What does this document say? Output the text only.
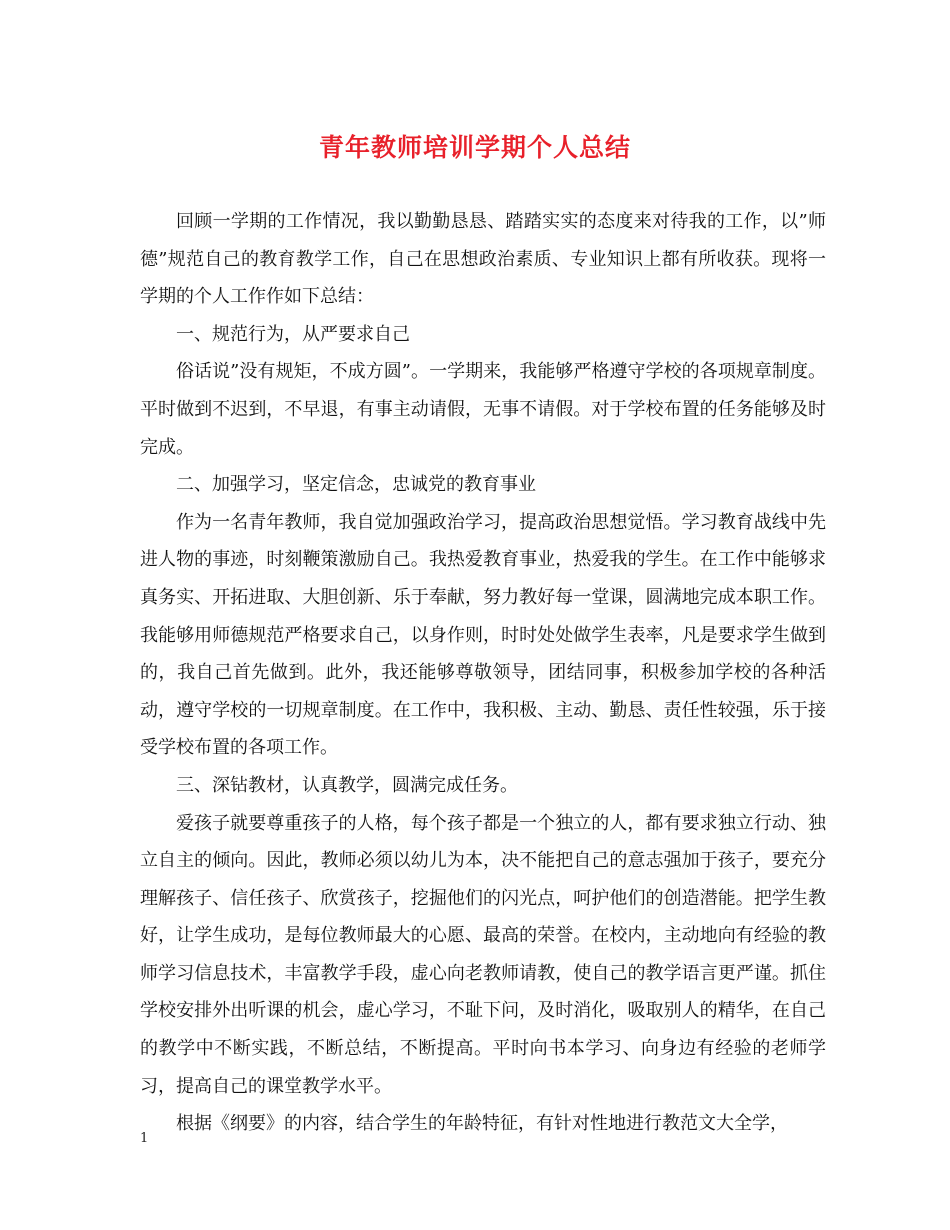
青年教师培训学期个人总结

回顾一学期的工作情况，我以勤勤恳恳、踏踏实实的态度来对待我的工作，以”师德”规范自己的教育教学工作，自己在思想政治素质、专业知识上都有所收获。现将一学期的个人工作作如下总结：

一、规范行为，从严要求自己

俗话说”没有规矩，不成方圆”。一学期来，我能够严格遵守学校的各项规章制度。平时做到不迟到，不早退，有事主动请假，无事不请假。对于学校布置的任务能够及时完成。

二、加强学习，坚定信念，忠诚党的教育事业

作为一名青年教师，我自觉加强政治学习，提高政治思想觉悟。学习教育战线中先进人物的事迹，时刻鞭策激励自己。我热爱教育事业，热爱我的学生。在工作中能够求真务实、开拓进取、大胆创新、乐于奉献，努力教好每一堂课，圆满地完成本职工作。我能够用师德规范严格要求自己，以身作则，时时处处做学生表率，凡是要求学生做到的，我自己首先做到。此外，我还能够尊敬领导，团结同事，积极参加学校的各种活动，遵守学校的一切规章制度。在工作中，我积极、主动、勤恳、责任性较强，乐于接受学校布置的各项工作。

三、深钻教材，认真教学，圆满完成任务。

爱孩子就要尊重孩子的人格，每个孩子都是一个独立的人，都有要求独立行动、独立自主的倾向。因此，教师必须以幼儿为本，决不能把自己的意志强加于孩子，要充分理解孩子、信任孩子、欣赏孩子，挖掘他们的闪光点，呵护他们的创造潜能。把学生教好，让学生成功，是每位教师最大的心愿、最高的荣誉。在校内，主动地向有经验的教师学习信息技术，丰富教学手段，虚心向老教师请教，使自己的教学语言更严谨。抓住学校安排外出听课的机会，虚心学习，不耻下问，及时消化，吸取别人的精华，在自己的教学中不断实践，不断总结，不断提高。平时向书本学习、向身边有经验的老师学习，提高自己的课堂教学水平。

根据《纲要》的内容，结合学生的年龄特征，有针对性地进行教范文大全学，

1
